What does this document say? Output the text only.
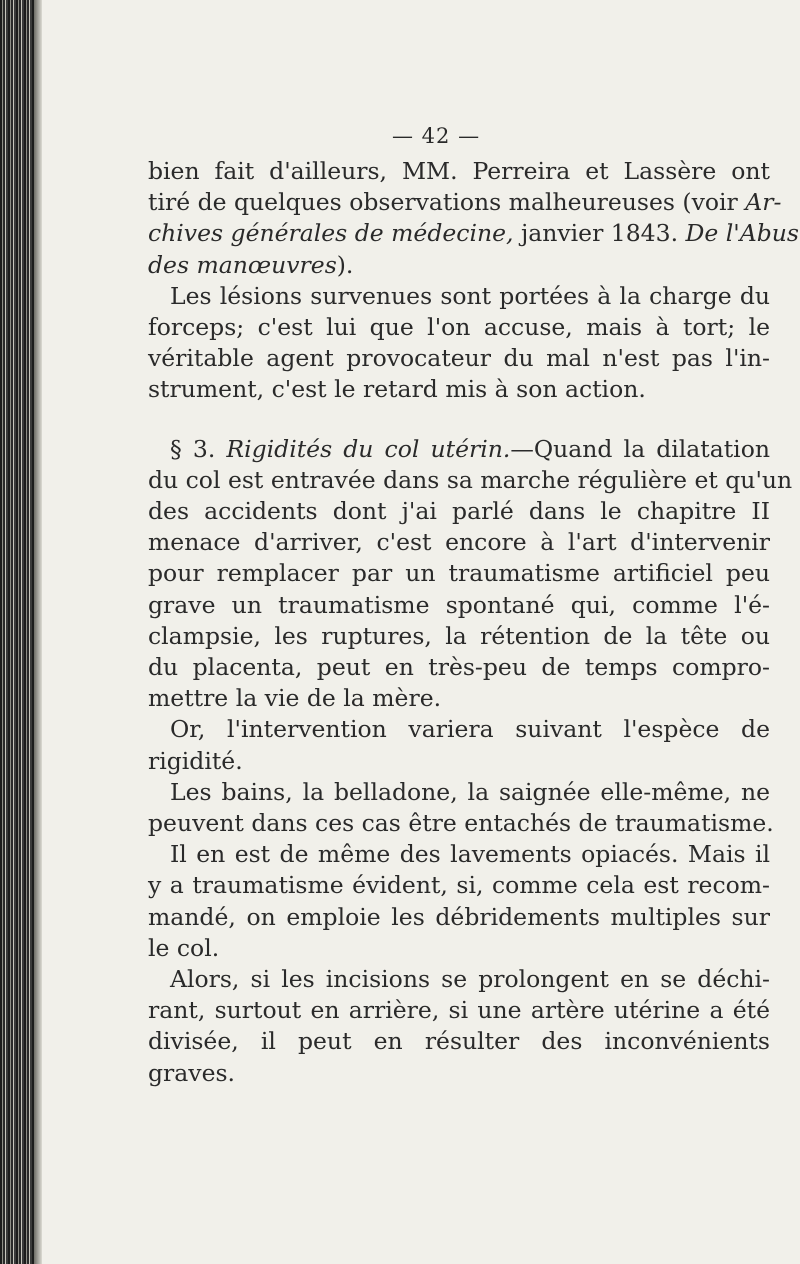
— 42 —
bien fait d'ailleurs, MM. Perreira et Lassère ont
tiré de quelques observations malheureuses (voir Ar-
chives générales de médecine, janvier 1843. De l'Abus
des manœuvres).
Les lésions survenues sont portées à la charge du
forceps; c'est lui que l'on accuse, mais à tort; le
véritable agent provocateur du mal n'est pas l'in-
strument, c'est le retard mis à son action.
§ 3. Rigidités du col utérin.—Quand la dilatation
du col est entravée dans sa marche régulière et qu'un
des accidents dont j'ai parlé dans le chapitre II
menace d'arriver, c'est encore à l'art d'intervenir
pour remplacer par un traumatisme artificiel peu
grave un traumatisme spontané qui, comme l'é-
clampsie, les ruptures, la rétention de la tête ou
du placenta, peut en très-peu de temps compro-
mettre la vie de la mère.
Or, l'intervention variera suivant l'espèce de
rigidité.
Les bains, la belladone, la saignée elle-même, ne
peuvent dans ces cas être entachés de traumatisme.
Il en est de même des lavements opiacés. Mais il
y a traumatisme évident, si, comme cela est recom-
mandé, on emploie les débridements multiples sur
le col.
Alors, si les incisions se prolongent en se déchi-
rant, surtout en arrière, si une artère utérine a été
divisée, il peut en résulter des inconvénients
graves.
